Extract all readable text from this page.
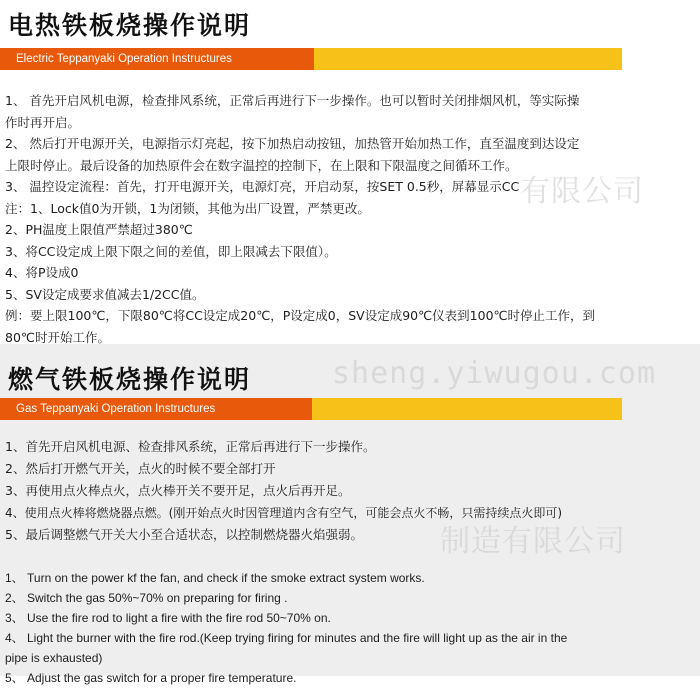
电热铁板烧操作说明
Electric Teppanyaki Operation Instructures

1、 首先开启风机电源，检查排风系统，正常后再进行下一步操作。也可以暂时关闭排烟风机，等实际操

作时再开启。

2、 然后打开电源开关，电源指示灯亮起，按下加热启动按钮，加热管开始加热工作，直至温度到达设定

上限时停止。最后设备的加热原件会在数字温控的控制下，在上限和下限温度之间循环工作。

3、 温控设定流程：首先，打开电源开关，电源灯亮，开启动泵，按SET 0.5秒，屏幕显示CC

注：1、Lock值0为开锁，1为闭锁，其他为出厂设置，严禁更改。

2、PH温度上限值严禁超过380℃

3、将CC设定成上限下限之间的差值，即上限减去下限值）。

4、将P设成0

5、SV设定成要求值减去1/2CC值。

例：要上限100℃，下限80℃将CC设定成20℃，P设定成0，SV设定成90℃仪表到100℃时停止工作，到

80℃时开始工作。

燃气铁板烧操作说明
Gas Teppanyaki Operation Instructures

1、首先开启风机电源、检查排风系统，正常后再进行下一步操作。

2、然后打开燃气开关，点火的时候不要全部打开

3、再使用点火棒点火，点火棒开关不要开足，点火后再开足。

4、使用点火棒将燃烧器点燃。(刚开始点火时因管理道内含有空气，可能会点火不畅，只需持续点火即可)

5、最后调整燃气开关大小至合适状态，以控制燃烧器火焰强弱。

1、 Turn on the power kf the fan, and check if the smoke extract system works.

2、 Switch the gas 50%~70% on preparing for firing .

3、 Use the fire rod to light a fire with the fire rod 50~70% on.

4、 Light the burner with the fire rod.(Keep trying firing for minutes and the fire will light up as the air in the

pipe is exhausted)

5、 Adjust the gas switch for a proper fire temperature.

有限公司
sheng.yiwugou.com
制造有限公司
